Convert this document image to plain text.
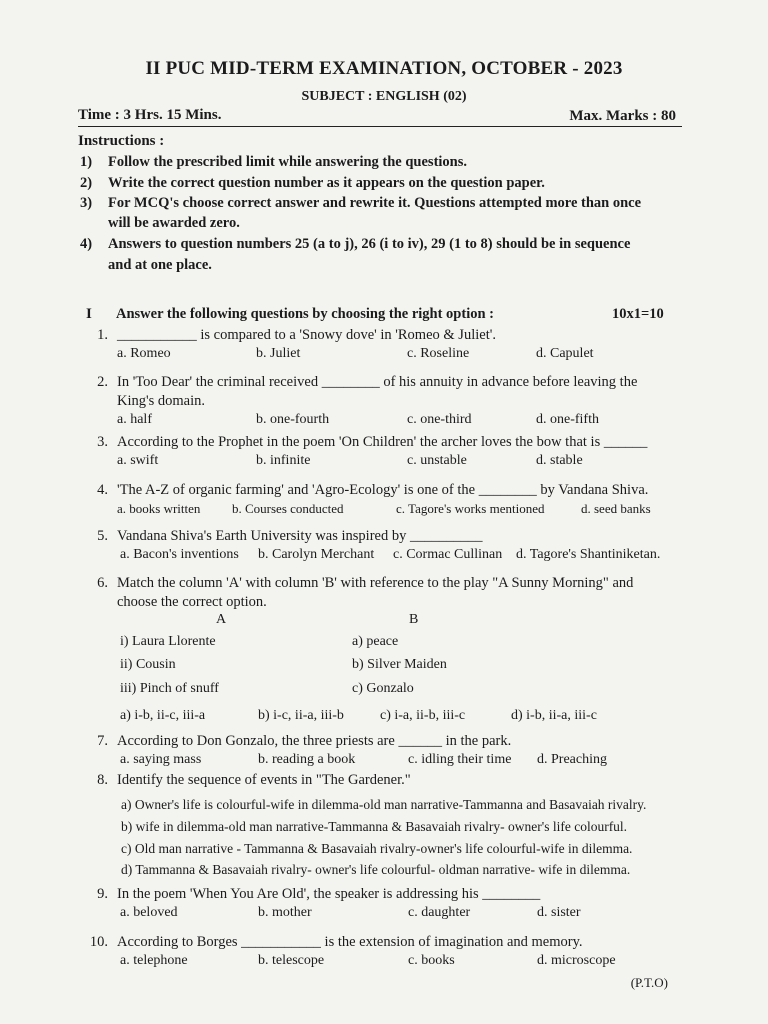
II PUC MID-TERM EXAMINATION, OCTOBER - 2023
SUBJECT : ENGLISH (02)
Time : 3 Hrs. 15 Mins.	Max. Marks : 80
Instructions :
1) Follow the prescribed limit while answering the questions.
2) Write the correct question number as it appears on the question paper.
3) For MCQ's choose correct answer and rewrite it. Questions attempted more than once
will be awarded zero.
4) Answers to question numbers 25 (a to j), 26 (i to iv), 29 (1 to 8) should be in sequence
and at one place.
I Answer the following questions by choosing the right option :	10x1=10
1. ___________ is compared to a 'Snowy dove' in 'Romeo & Juliet'.
a. Romeo	b. Juliet	c. Roseline	d. Capulet
2. In 'Too Dear' the criminal received ________ of his annuity in advance before leaving the
King's domain.
a. half	b. one-fourth	c. one-third	d. one-fifth
3. According to the Prophet in the poem 'On Children' the archer loves the bow that is ______
a. swift	b. infinite	c. unstable	d. stable
4. 'The A-Z of organic farming' and 'Agro-Ecology' is one of the ________ by Vandana Shiva.
a. books written b. Courses conducted	c. Tagore's works mentioned	d. seed banks
5. Vandana Shiva's Earth University was inspired by __________
a. Bacon's inventions b. Carolyn Merchant c. Cormac Cullinan d. Tagore's Shantiniketan.
6. Match the column 'A' with column 'B' with reference to the play "A Sunny Morning" and
choose the correct option.
A	B
i) Laura Llorente	a) peace
ii) Cousin	b) Silver Maiden
iii) Pinch of snuff	c) Gonzalo
a) i-b, ii-c, iii-a	b) i-c, ii-a, iii-b	c) i-a, ii-b, iii-c	d) i-b, ii-a, iii-c
7. According to Don Gonzalo, the three priests are ______ in the park.
a. saying mass	b. reading a book	c. idling their time d. Preaching
8. Identify the sequence of events in "The Gardener."
a) Owner's life is colourful-wife in dilemma-old man narrative-Tammanna and Basavaiah rivalry.
b) wife in dilemma-old man narrative-Tammanna & Basavaiah rivalry- owner's life colourful.
c) Old man narrative - Tammanna & Basavaiah rivalry-owner's life colourful-wife in dilemma.
d) Tammanna & Basavaiah rivalry- owner's life colourful- oldman narrative- wife in dilemma.
9. In the poem 'When You Are Old', the speaker is addressing his ________
a. beloved	b. mother	c. daughter	d. sister
10. According to Borges ___________ is the extension of imagination and memory.
a. telephone	b. telescope	c. books	d. microscope
(P.T.O)
